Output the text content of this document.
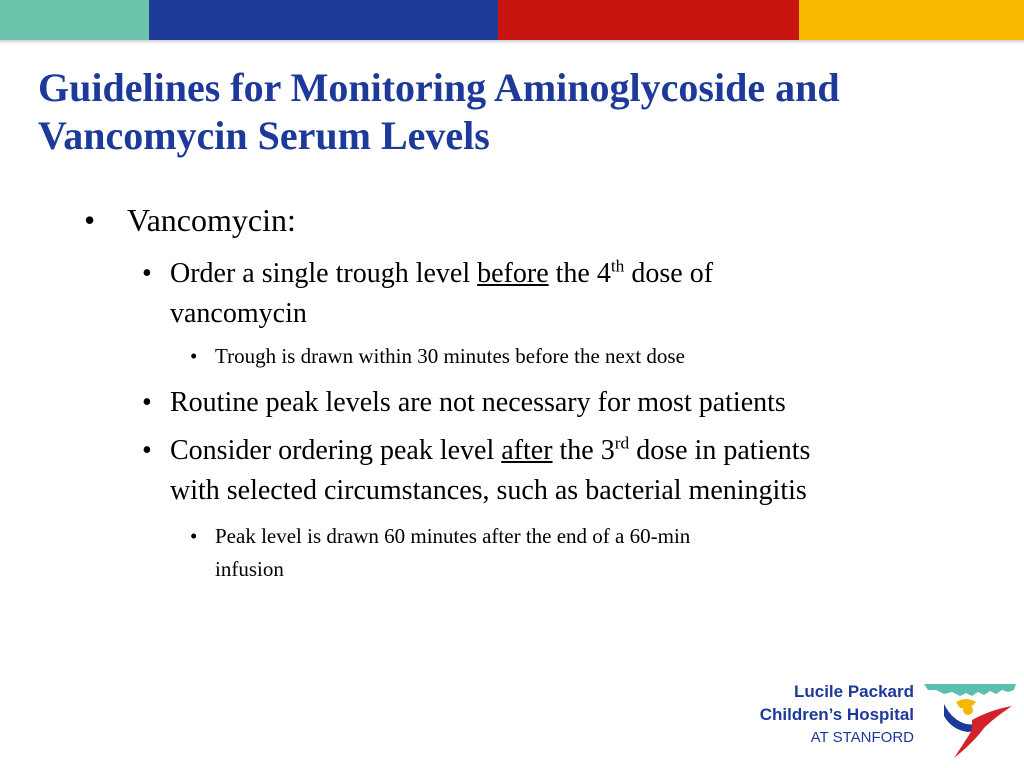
Guidelines for Monitoring Aminoglycoside and
Vancomycin Serum Levels
• Vancomycin:
• Order a single trough level before the 4th dose of
vancomycin
• Trough is drawn within 30 minutes before the next dose
• Routine peak levels are not necessary for most patients
• Consider ordering peak level after the 3rd dose in patients
with selected circumstances, such as bacterial meningitis
• Peak level is drawn 60 minutes after the end of a 60-min
infusion
Lucile Packard
Children’s Hospital
AT STANFORD
